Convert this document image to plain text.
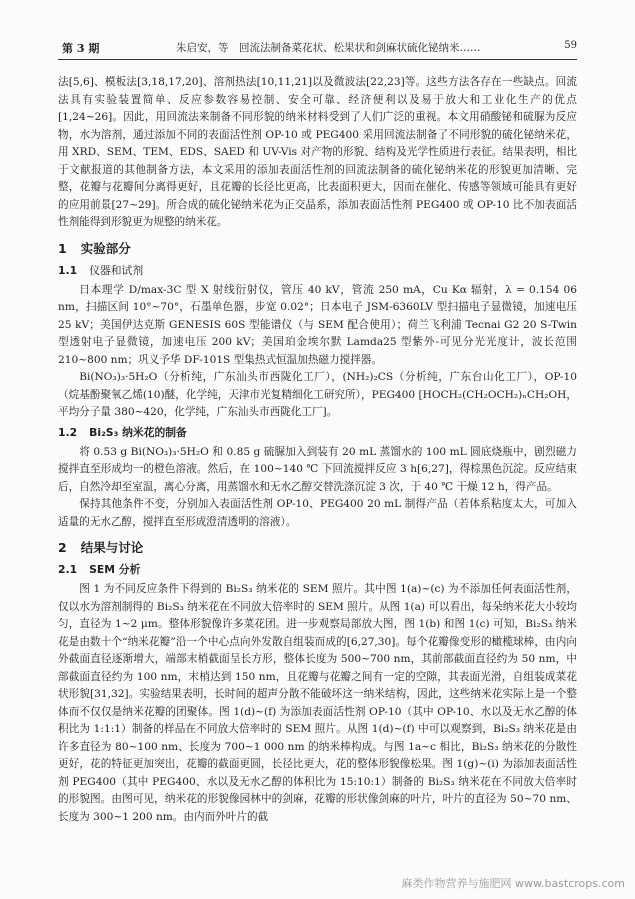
第 3 期	朱启安，等　回流法制备菜花状、松果状和剑麻状硫化铋纳米……	59

法[5,6]、模板法[3,18,17,20]、溶剂热法[10,11,21]以及微波法[22,23]等。这些方法各存在一些缺点。回流法具有实验装置简单、反应参数容易控制、安全可靠、经济便利以及易于放大和工业化生产的优点[1,24~26]。因此，用回流法来制备不同形貌的纳米材料受到了人们广泛的重视。本文用硝酸铋和硫脲为反应物，水为溶剂，通过添加不同的表面活性剂 OP-10 或 PEG400 采用回流法制备了不同形貌的硫化铋纳米花，用 XRD、SEM、TEM、EDS、SAED 和 UV-Vis 对产物的形貌、结构及光学性质进行表征。结果表明，相比于文献报道的其他制备方法，本文采用的添加表面活性剂的回流法制备的硫化铋纳米花的形貌更加清晰、完整，花瓣与花瓣间分离得更好，且花瓣的长径比更高，比表面积更大，因而在催化、传感等领域可能具有更好的应用前景[27~29]。所合成的硫化铋纳米花为正交晶系，添加表面活性剂 PEG400 或 OP-10 比不加表面活性剂能得到形貌更为规整的纳米花。

1 实验部分
1.1 仪器和试剂

日本理学 D/max-3C 型 X 射线衍射仪，管压 40 kV，管流 250 mA，Cu Kα 辐射，λ = 0.154 06 nm，扫描区间 10°~70°，石墨单色器，步宽 0.02°；日本电子 JSM-6360LV 型扫描电子显微镜，加速电压 25 kV；美国伊达克斯 GENESIS 60S 型能谱仪（与 SEM 配合使用）；荷兰飞利浦 Tecnai G2 20 S-Twin 型透射电子显微镜，加速电压 200 kV；美国珀金埃尔默 Lamda25 型紫外-可见分光光度计，波长范围 210~800 nm；巩义予华 DF-101S 型集热式恒温加热磁力搅拌器。

Bi(NO₃)₃·5H₂O（分析纯，广东汕头市西陇化工厂），(NH₂)₂CS（分析纯，广东台山化工厂），OP-10（烷基酚聚氧乙烯(10)醚，化学纯，天津市光复精细化工研究所），PEG400 [HOCH₂(CH₂OCH₂)ₙCH₂OH，平均分子量 380~420，化学纯，广东汕头市西陇化工厂]。

1.2 Bi₂S₃ 纳米花的制备

将 0.53 g Bi(NO₃)₃·5H₂O 和 0.85 g 硫脲加入到装有 20 mL 蒸馏水的 100 mL 圆底烧瓶中，剧烈磁力搅拌直至形成均一的橙色溶液。然后，在 100~140 ℃ 下回流搅拌反应 3 h[6,27]，得棕黑色沉淀。反应结束后，自然冷却至室温，离心分离，用蒸馏水和无水乙醇交替洗涤沉淀 3 次，于 40 ℃ 干燥 12 h，得产品。

保持其他条件不变，分别加入表面活性剂 OP-10、PEG400 20 mL 制得产品（若体系粘度太大，可加入适量的无水乙醇，搅拌直至形成澄清透明的溶液）。

2 结果与讨论
2.1 SEM 分析

图 1 为不同反应条件下得到的 Bi₂S₃ 纳米花的 SEM 照片。其中图 1(a)~(c) 为不添加任何表面活性剂，仅以水为溶剂制得的 Bi₂S₃ 纳米花在不同放大倍率时的 SEM 照片。从图 1(a) 可以看出，每朵纳米花大小较均匀，直径为 1~2 μm。整体形貌像许多菜花团。进一步观察局部放大图，图 1(b) 和图 1(c) 可知，Bi₂S₃ 纳米花是由数十个“纳米花瓣”沿一个中心点向外发散自组装而成的[6,27,30]。每个花瓣像变形的橄榄球棒，由内向外截面直径逐渐增大，端部末梢截面呈长方形，整体长度为 500~700 nm，其前部截面直径约为 50 nm，中部截面直径约为 100 nm，末梢达到 150 nm，且花瓣与花瓣之间有一定的空隙，其表面光滑，自组装成菜花状形貌[31,32]。实验结果表明，长时间的超声分散不能破坏这一纳米结构，因此，这些纳米花实际上是一个整体而不仅仅是纳米花瓣的团聚体。图 1(d)~(f) 为添加表面活性剂 OP-10（其中 OP-10、水以及无水乙醇的体积比为 1:1:1）制备的样品在不同放大倍率时的 SEM 照片。从图 1(d)~(f) 中可以观察到，Bi₂S₃ 纳米花是由许多直径为 80~100 nm、长度为 700~1 000 nm 的纳米棒构成。与图 1a~c 相比，Bi₂S₃ 纳米花的分散性更好，花的特征更加突出，花瓣的截面更圆，长径比更大，花的整体形貌像松果。图 1(g)~(i) 为添加表面活性剂 PEG400（其中 PEG400、水以及无水乙醇的体积比为 15:10:1）制备的 Bi₂S₃ 纳米花在不同放大倍率时的形貌图。由图可见，纳米花的形貌像园林中的剑麻，花瓣的形状像剑麻的叶片，叶片的直径为 50~70 nm、长度为 300~1 200 nm。由内而外叶片的截

麻类作物营养与施肥网 www.bastcrops.com
